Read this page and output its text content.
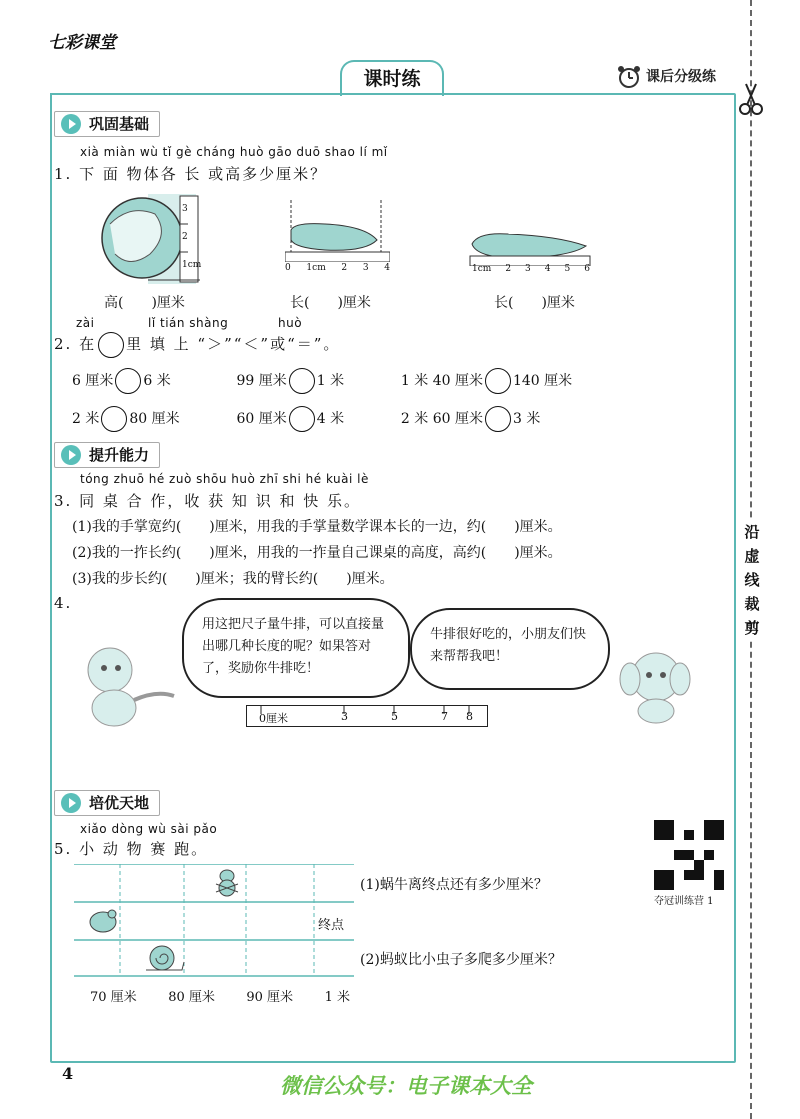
七彩课堂
课时练	课后分级练
沿
虚
线
裁
剪
巩固基础
xià miàn wù tǐ gè cháng huò gāo duō shao lí mǐ
1. 下 面 物体各 长 或高多少厘米？
3
2
1cm	0 1cm 2 3 4	1cm 2 3 4 5 6
高(　　)厘米	长(　　)厘米	长(　　)厘米
zài	lǐ tián shàng	huò
2. 在 里 填 上 “＞”“＜”或“＝”。
6 厘米 6 米	99 厘米 1 米	1 米 40 厘米 140 厘米
2 米 80 厘米	60 厘米 4 米	2 米 60 厘米 3 米
提升能力
tóng zhuō hé zuò shōu huò zhī shi hé kuài lè
3. 同 桌 合 作，收 获 知 识 和 快 乐。
(1)我的手掌宽约(　　)厘米，用我的手掌量数学课本长的一边，约(　　)厘米。
(2)我的一拃长约(　　)厘米，用我的一拃量自己课桌的高度，高约(　　)厘米。
(3)我的步长约(　　)厘米；我的臂长约(　　)厘米。
4.
用这把尺子量牛排，可以直接量出哪几种长度的呢？如果答对了，奖励你牛排吃！
牛排很好吃的，小朋友们快来帮帮我吧！
0厘米	3	5	7 8
培优天地
xiǎo dòng wù sài pǎo
5. 小 动 物 赛 跑。
终点
70 厘米 80 厘米 90 厘米 1 米
(1)蜗牛离终点还有多少厘米？
(2)蚂蚁比小虫子多爬多少厘米？
夺冠训练营 1
4
微信公众号：电子课本大全
